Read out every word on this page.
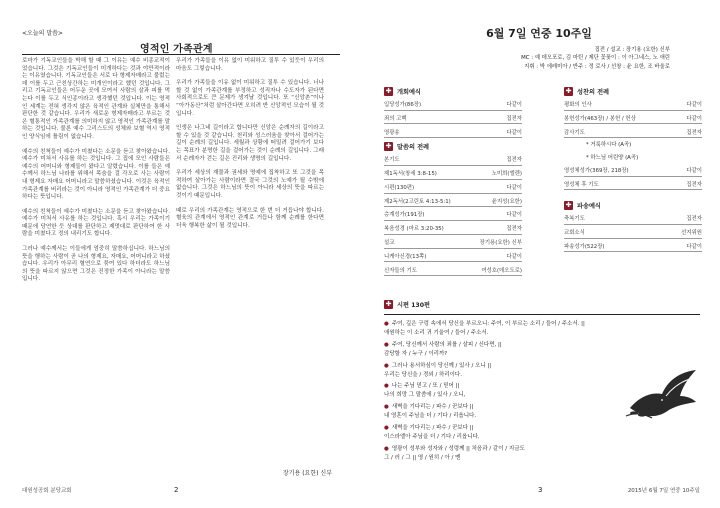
<오늘의 말씀>
영적인 가족관계

로마가 기독교인들을 박해 할 때 그 이유는 예수 비종교적이었습니다. 그것은 기독교인들이 미개하다는 것과 야만적이라는 이유였습니다. 기독교인들은 서로 다 형제자매라고 불렀는데 이를 두고 근친상간하는 미개인이라고 했던 것입니다. 그리고 기독교인들은 어두운 곳에 모여서 사람의 살과 피를 먹는다 이를 두고 식인종이라고 생각했던 것입니다. 이는 영적인 세계는 전혀 생각지 않은 육적인 관계와 실체만을 통해서 판단한 것 같습니다. 우리가 새로운 형제자매라고 부르는 것은 혈통적인 가족관계를 의미하지 않고 영적인 가족관계를 말하는 것입니다. 물론 예수 그리스도의 성체와 보혈 역시 영적인 양식임에 틀림이 없습니다.

예수의 친척들이 예수가 미쳤다는 소문을 듣고 찾아왔습니다. 예수가 미쳐서 사유를 하는 것입니다. 그 집에 모인 사람들은 예수의 어머니와 형제들이 왔다고 알렸습니다. 이를 들은 예수께서 하느님 나라를 위해서 목숨을 걸 각오로 사는 사람이 내 형제요 자매요 어머니라고 말씀하셨습니다. 이것은 육적인 가족관계를 버리라는 것이 아니라 영적인 가족관계가 더 중요하다는 뜻입니다.

예수의 친척들이 예수가 미쳤다는 소문을 듣고 찾아왔습니다. 예수가 미쳐서 사유를 하는 것입니다. 혹시 우리는 가족이기 때문에 당연한 듯 상대를 판단하고 제멋대로 판단하여 한 사람을 미쳤다고 정의 내리기도 합니다.

그러나 예수께서는 이들에게 엄중히 말씀하십니다. 하느님의 뜻을 행하는 사람이 곧 나의 형제요, 자매요, 어머니라고 하셨습니다. 우리가 아무리 혈연으로 묶여 있다 하더라도 하느님의 뜻을 따르지 않으면 그것은 진정한 가족이 아니라는 말씀입니다.

우리가 가족들을 이유 없이 미워하고 질투 수 있듯이 우리의 마음도 그렇습니다.

우리가 가족들을 이유 없이 미워하고 질투 수 있습니다. 너나 할 것 없이 가족관계를 부정하고 성직자나 수도자가 된다면 사회적으로도 큰 문제가 생겨날 것입니다. 또 “신앙촌”이나 “아가동산”처럼 살아간다면 오히려 반 신앙적인 모습이 될 것입니다.

인생은 나그네 길이라고 합니다만 신앙은 순례자의 길이라고 할 수 있을 것 같습니다. 천리와 성스러움을 찾아서 걸어가는 길이 순례의 길입니다. 세월과 상황에 떠밀려 걸어가기 보다는 목표가 분명한 길을 걸어가는 것이 순례의 길입니다. 그래서 순례자가 걷는 길은 진리와 생명의 길입니다.

우리가 세상의 재물과 권세와 명예에 집착하고 또 그것을 목적하여 살아가는 사람이라면 결국 그것의 노예가 될 수밖에 없습니다. 그것은 하느님의 뜻이 아니라 세상의 뜻을 따르는 것이기 때문입니다.

때로 우리의 가족관계는 영적으로 한 번 더 거듭나야 합니다. 혈육의 관계에서 영적인 관계로 거듭나 함께 순례를 한다면 더욱 행복한 삶이 될 것입니다.

장기용 (요한) 신부
대원성공회 분당교회	2
6월 7일 연중 10주일
집전 / 설교 : 장기용 (요한) 신부
MC : 예 데오포로, 김 마틴 / 제단 꽃꽂이 : 이 아그네스, 노 애린
지휘 : 박 에레미아 / 반주 : 정 로사 / 선창 : 윤 요한, 조 바울로
✚ 개회예식
입당성가(86장)	다같이
죄의 고백	집전자
영광송	다같이
✚ 말씀의 전례
본기도	집전자
제1독서(창세 3:8-15)	노미희(엘렌)
시편(130편)	다같이
제2독서(2고린토 4:13-5:1)	윤지성(요한)
층계성가(191장)	다같이
복음성경 (마르 3:20-35)	집전자
설교	장기용(요한) 신부
니케아신경(13쪽)	다같이
신자들의 기도	여성호(데오도로)
✚ 성찬의 전례
평화의 인사	다같이
봉헌성가(463장) / 봉헌 / 헌상	다같이
감사기도	집전자
* 거룩하시다 (A곡)
* 하느님 어린양 (A곡)
영성체성가(369장, 218장)	다같이
영성체 후 기도	집전자
✚ 파송예식
축복기도	집전자
교회소식	선지위원
파송성가(522장)	다같이
✚ 시편 130편

● 주여, 깊은 구렁 속에서 당신을 부르오니: 주여, 이 부르는 소리 / 들어 / 주소서. ||
애원하는 이 소리 귀 기울여 / 들어 / 주소서.

● 주여, 당신께서 사람의 죄를 / 살피 / 신다면, ||
감당할 자 / 누구 / 이리까?

● 그러나 용서하심이 당신께 / 있사 / 오니 ||
우리는 당신을 / 경외 / 하리이다.

● 나는 주님 믿고 / 또 / 믿어 ||
나의 희망 그 말씀에 / 있사 / 오니,

● 새벽을 기다리는 / 파수 / 꾼보다 ||
내 영혼이 주님을 더 / 기다 / 리옵니다.

● 새벽을 기다리는 / 파수 / 꾼보다 ||
이스라엘아 주님을 더 / 기다 / 리옵니다.

● 영광이 성부와 성자와 / 성령께 || 처음과 / 같이 / 지금도
그 / 러 / 그 || 영 / 원히 / 아 / 멘

3	2015년 6월 7일 연중 10주일
